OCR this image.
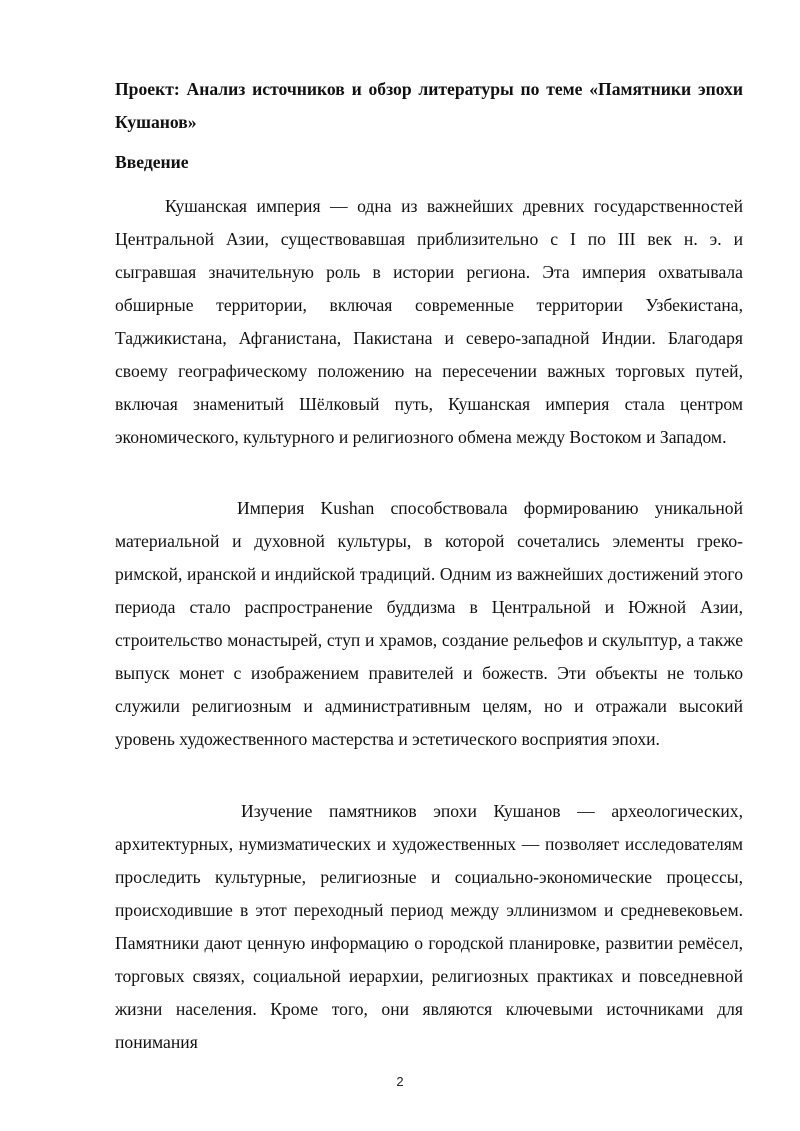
Проект: Анализ источников и обзор литературы по теме «Памятники эпохи Кушанов»

Введение

Кушанская империя — одна из важнейших древних государственностей Центральной Азии, существовавшая приблизительно с I по III век н. э. и сыгравшая значительную роль в истории региона. Эта империя охватывала обширные территории, включая современные территории Узбекистана, Таджикистана, Афганистана, Пакистана и северо-западной Индии. Благодаря своему географическому положению на пересечении важных торговых путей, включая знаменитый Шёлковый путь, Кушанская империя стала центром экономического, культурного и религиозного обмена между Востоком и Западом.

Империя Kushan способствовала формированию уникальной материальной и духовной культуры, в которой сочетались элементы греко-римской, иранской и индийской традиций. Одним из важнейших достижений этого периода стало распространение буддизма в Центральной и Южной Азии, строительство монастырей, ступ и храмов, создание рельефов и скульптур, а также выпуск монет с изображением правителей и божеств. Эти объекты не только служили религиозным и административным целям, но и отражали высокий уровень художественного мастерства и эстетического восприятия эпохи.

Изучение памятников эпохи Кушанов — археологических, архитектурных, нумизматических и художественных — позволяет исследователям проследить культурные, религиозные и социально-экономические процессы, происходившие в этот переходный период между эллинизмом и средневековьем. Памятники дают ценную информацию о городской планировке, развитии ремёсел, торговых связях, социальной иерархии, религиозных практиках и повседневной жизни населения. Кроме того, они являются ключевыми источниками для понимания

2
